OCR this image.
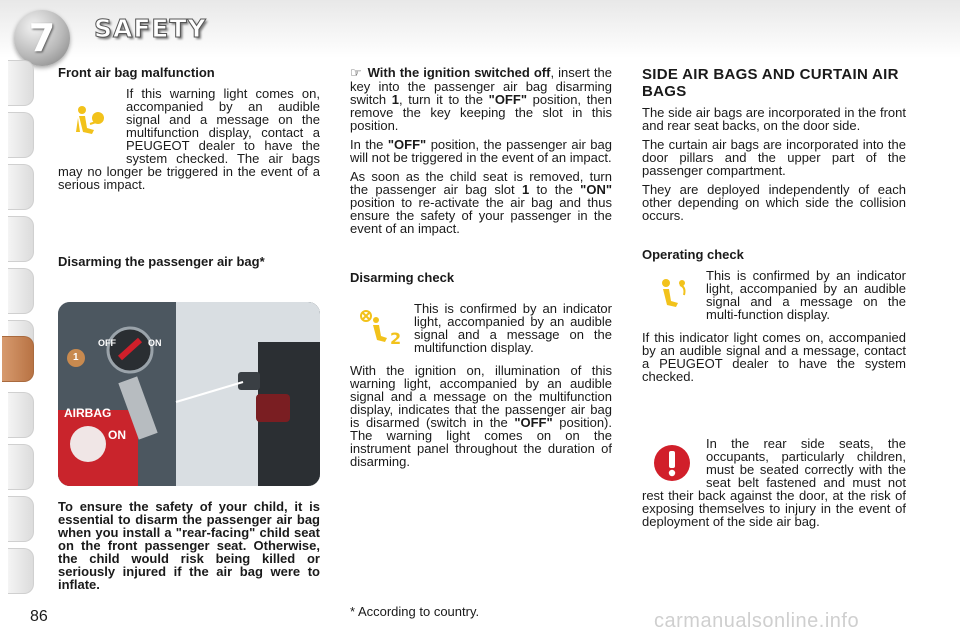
7 SAFETY
Front air bag malfunction

If this warning light comes on, accompanied by an audible signal and a message on the multifunction display, contact a PEUGEOT dealer to have the system checked. The air bags may no longer be triggered in the event of a serious impact.

Disarming the passenger air bag*
OFF	ON
1
AIRBAG
ON

To ensure the safety of your child, it is essential to disarm the passenger air bag when you install a "rear-facing" child seat on the front passenger seat. Otherwise, the child would risk being killed or seriously injured if the air bag were to inflate.

☞ With the ignition switched off, insert the key into the passenger air bag disarming switch 1, turn it to the "OFF" position, then remove the key keeping the slot in this position.

In the "OFF" position, the passenger air bag will not be triggered in the event of an impact.

As soon as the child seat is removed, turn the passenger air bag slot 1 to the "ON" position to re-activate the air bag and thus ensure the safety of your passenger in the event of an impact.

Disarming check
2

This is confirmed by an indicator light, accompanied by an audible signal and a message on the multifunction display.

With the ignition on, illumination of this warning light, accompanied by an audible signal and a message on the multifunction display, indicates that the passenger air bag is disarmed (switch in the "OFF" position). The warning light comes on on the instrument panel throughout the duration of disarming.

* According to country.
SIDE AIR BAGS AND CURTAIN AIR BAGS

The side air bags are incorporated in the front and rear seat backs, on the door side.

The curtain air bags are incorporated into the door pillars and the upper part of the passenger compartment.

They are deployed independently of each other depending on which side the collision occurs.

Operating check

This is confirmed by an indicator light, accompanied by an audible signal and a message on the multi-function display.

If this indicator light comes on, accompanied by an audible signal and a message, contact a PEUGEOT dealer to have the system checked.

In the rear side seats, the occupants, particularly children, must be seated correctly with the seat belt fastened and must not rest their back against the door, at the risk of exposing themselves to injury in the event of deployment of the side air bag.

86	carmanualsonline.info
